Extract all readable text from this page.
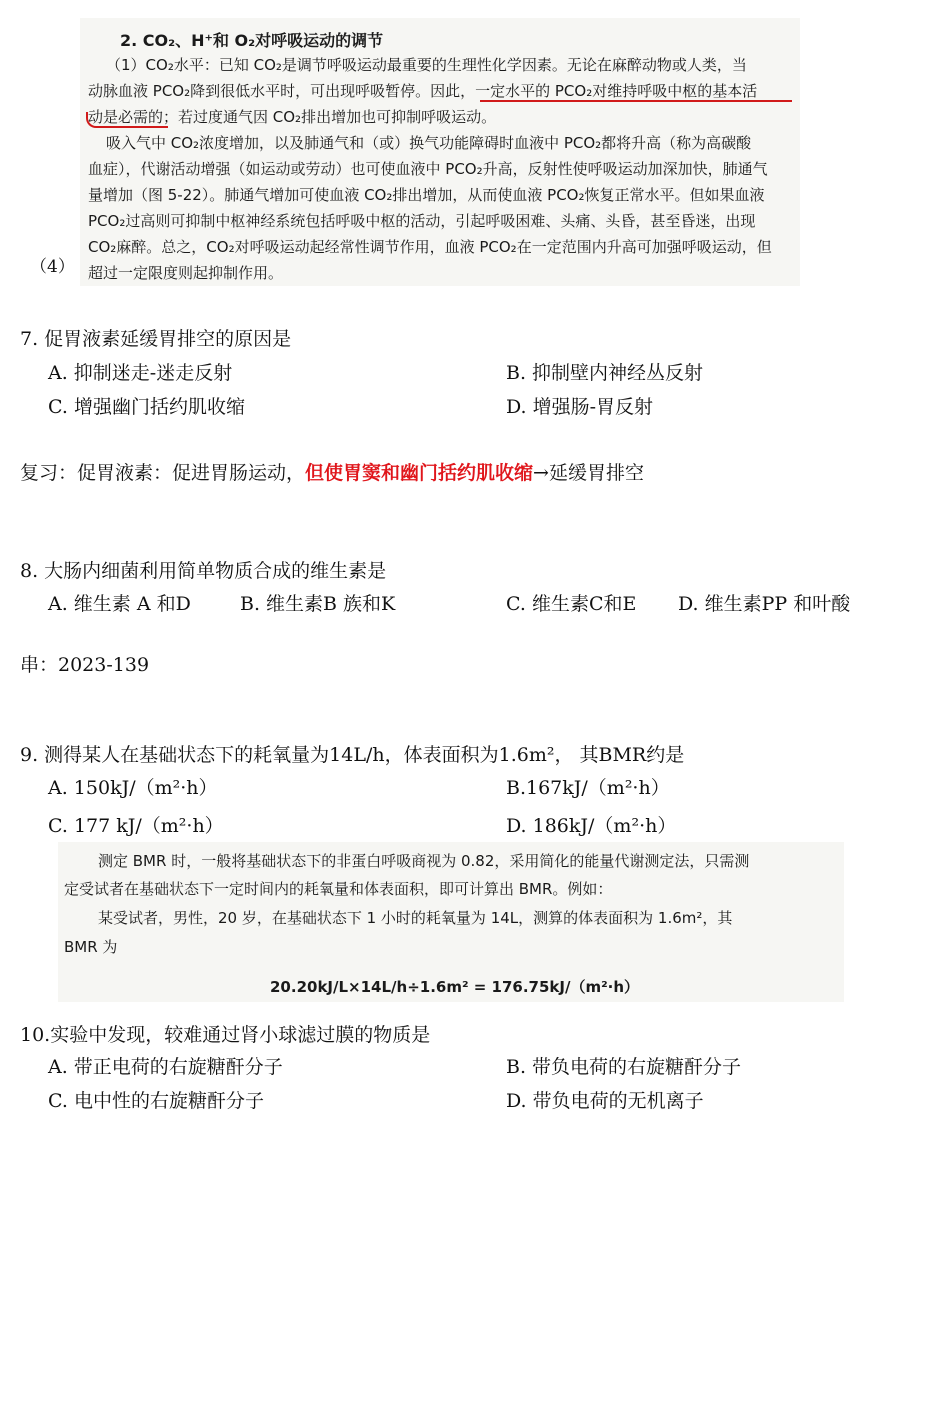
2. CO₂、H⁺和 O₂对呼吸运动的调节
（1）CO₂水平：已知 CO₂是调节呼吸运动最重要的生理性化学因素。无论在麻醉动物或人类，当
动脉血液 PCO₂降到很低水平时，可出现呼吸暂停。因此，一定水平的 PCO₂对维持呼吸中枢的基本活
动是必需的；若过度通气因 CO₂排出增加也可抑制呼吸运动。
吸入气中 CO₂浓度增加，以及肺通气和（或）换气功能障碍时血液中 PCO₂都将升高（称为高碳酸
血症），代谢活动增强（如运动或劳动）也可使血液中 PCO₂升高，反射性使呼吸运动加深加快，肺通气
量增加（图 5-22）。肺通气增加可使血液 CO₂排出增加，从而使血液 PCO₂恢复正常水平。但如果血液
PCO₂过高则可抑制中枢神经系统包括呼吸中枢的活动，引起呼吸困难、头痛、头昏，甚至昏迷，出现
CO₂麻醉。总之，CO₂对呼吸运动起经常性调节作用，血液 PCO₂在一定范围内升高可加强呼吸运动，但
超过一定限度则起抑制作用。
（4）
7. 促胃液素延缓胃排空的原因是
A. 抑制迷走-迷走反射	B. 抑制壁内神经丛反射
C. 增强幽门括约肌收缩	D. 增强肠-胃反射
复习：促胃液素：促进胃肠运动，但使胃窦和幽门括约肌收缩→延缓胃排空
8. 大肠内细菌利用简单物质合成的维生素是
A. 维生素 A 和D	B. 维生素B 族和K	C. 维生素C和E D. 维生素PP 和叶酸
串：2023-139
9. 测得某人在基础状态下的耗氧量为14L/h，体表面积为1.6m²， 其BMR约是
A. 150kJ/（m²·h）	B.167kJ/（m²·h）
C. 177 kJ/（m²·h）	D. 186kJ/（m²·h）
测定 BMR 时，一般将基础状态下的非蛋白呼吸商视为 0.82，采用简化的能量代谢测定法，只需测
定受试者在基础状态下一定时间内的耗氧量和体表面积，即可计算出 BMR。例如：
某受试者，男性，20 岁，在基础状态下 1 小时的耗氧量为 14L，测算的体表面积为 1.6m²，其
BMR 为
20.20kJ/L×14L/h÷1.6m² = 176.75kJ/（m²·h）
10.实验中发现，较难通过肾小球滤过膜的物质是
A. 带正电荷的右旋糖酐分子	B. 带负电荷的右旋糖酐分子
C. 电中性的右旋糖酐分子	D. 带负电荷的无机离子
